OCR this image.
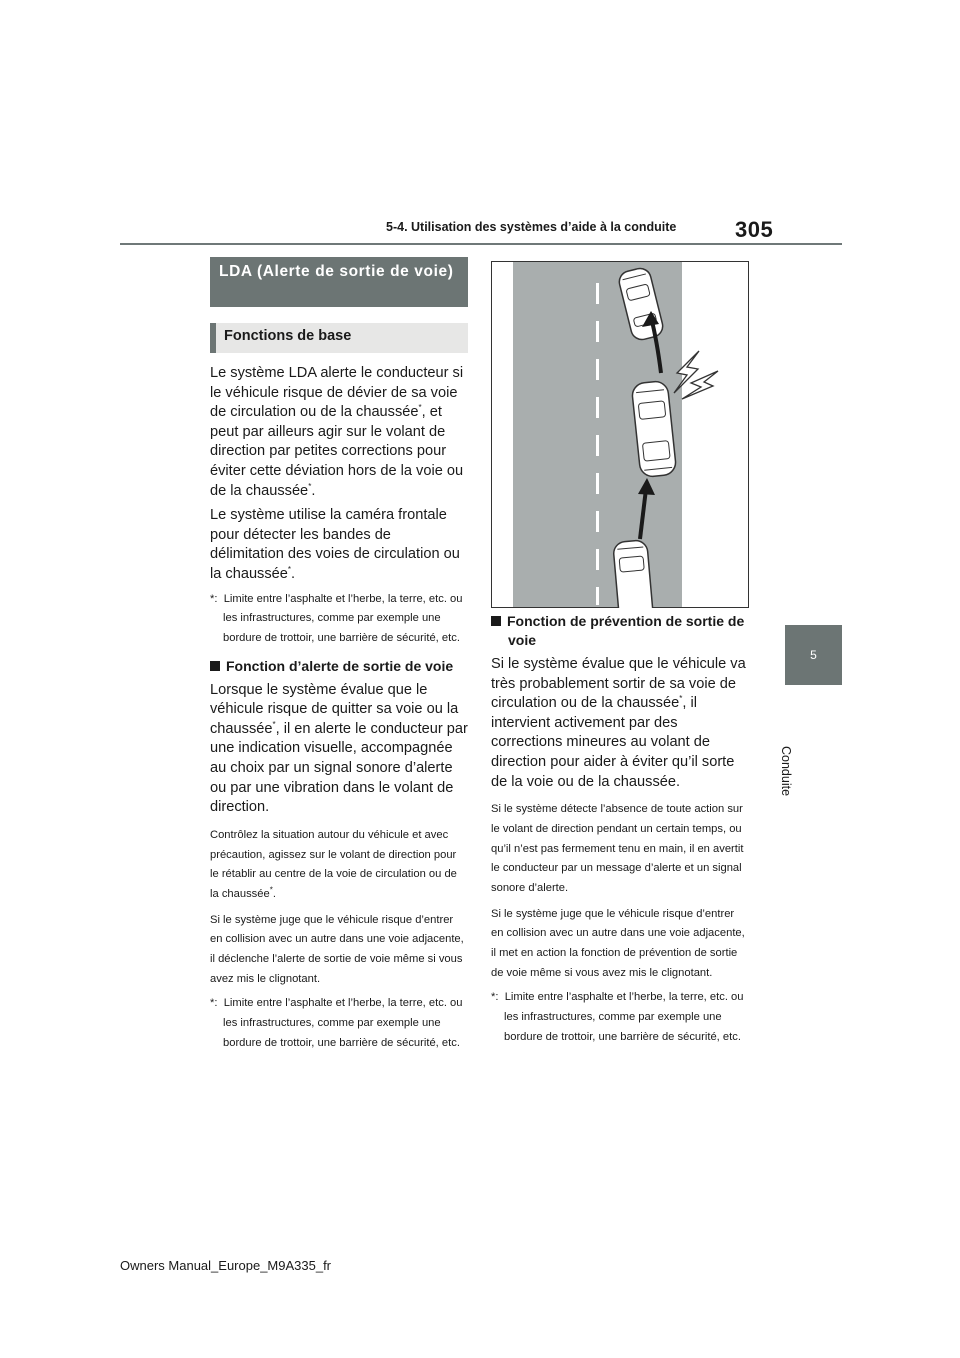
305
5-4. Utilisation des systèmes d’aide à la conduite
5
Conduite
LDA (Alerte de sortie de voie)
Fonctions de base

Le système LDA alerte le conducteur si le véhicule risque de dévier de sa voie de circulation ou de la chaussée*, et peut par ailleurs agir sur le volant de direction par petites corrections pour éviter cette déviation hors de la voie ou de la chaussée*.

Le système utilise la caméra frontale pour détecter les bandes de délimitation des voies de circulation ou la chaussée*.

*: Limite entre l’asphalte et l’herbe, la terre, etc. ou les infrastructures, comme par exemple une bordure de trottoir, une barrière de sécurité, etc.

Fonction d’alerte de sortie de voie

Lorsque le système évalue que le véhicule risque de quitter sa voie ou la chaussée*, il en alerte le conducteur par une indication visuelle, accompagnée au choix par un signal sonore d’alerte ou par une vibration dans le volant de direction.

Contrôlez la situation autour du véhicule et avec précaution, agissez sur le volant de direction pour le rétablir au centre de la voie de circulation ou de la chaussée*.

Si le système juge que le véhicule risque d’entrer en collision avec un autre dans une voie adjacente, il déclenche l’alerte de sortie de voie même si vous avez mis le clignotant.

*: Limite entre l’asphalte et l’herbe, la terre, etc. ou les infrastructures, comme par exemple une bordure de trottoir, une barrière de sécurité, etc.

Fonction de prévention de sortie de voie

Si le système évalue que le véhicule va très probablement sortir de sa voie de circulation ou de la chaussée*, il intervient activement par des corrections mineures au volant de direction pour aider à éviter qu’il sorte de la voie ou de la chaussée.

Si le système détecte l’absence de toute action sur le volant de direction pendant un certain temps, ou qu’il n’est pas fermement tenu en main, il en avertit le conducteur par un message d’alerte et un signal sonore d’alerte.

Si le système juge que le véhicule risque d’entrer en collision avec un autre dans une voie adjacente, il met en action la fonction de prévention de sortie de voie même si vous avez mis le clignotant.

*: Limite entre l’asphalte et l’herbe, la terre, etc. ou les infrastructures, comme par exemple une bordure de trottoir, une barrière de sécurité, etc.

Owners Manual_Europe_M9A335_fr
